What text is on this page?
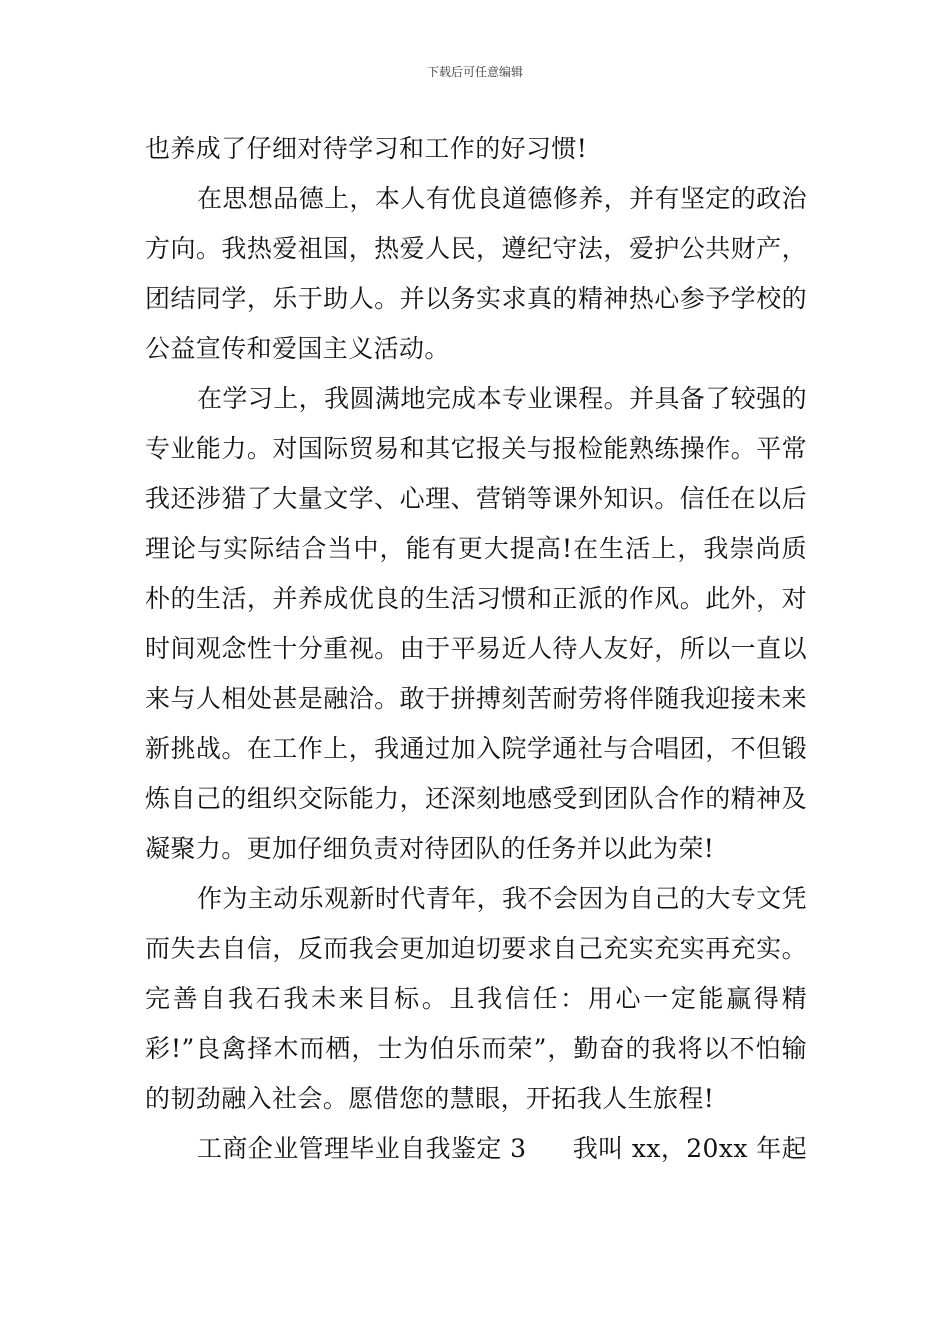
下载后可任意编辑

也养成了仔细对待学习和工作的好习惯!

在思想品德上，本人有优良道德修养，并有坚定的政治方向。我热爱祖国，热爱人民，遵纪守法，爱护公共财产，团结同学，乐于助人。并以务实求真的精神热心参予学校的公益宣传和爱国主义活动。

在学习上，我圆满地完成本专业课程。并具备了较强的专业能力。对国际贸易和其它报关与报检能熟练操作。平常我还涉猎了大量文学、心理、营销等课外知识。信任在以后理论与实际结合当中，能有更大提高!在生活上，我崇尚质朴的生活，并养成优良的生活习惯和正派的作风。此外，对时间观念性十分重视。由于平易近人待人友好，所以一直以来与人相处甚是融洽。敢于拼搏刻苦耐劳将伴随我迎接未来新挑战。在工作上，我通过加入院学通社与合唱团，不但锻炼自己的组织交际能力，还深刻地感受到团队合作的精神及凝聚力。更加仔细负责对待团队的任务并以此为荣!

作为主动乐观新时代青年，我不会因为自己的大专文凭而失去自信，反而我会更加迫切要求自己充实充实再充实。完善自我石我未来目标。且我信任：用心一定能赢得精彩!”良禽择木而栖，士为伯乐而荣”，勤奋的我将以不怕输的韧劲融入社会。愿借您的慧眼，开拓我人生旅程!

工商企业管理毕业自我鉴定 3 我叫 xx，20xx 年起
